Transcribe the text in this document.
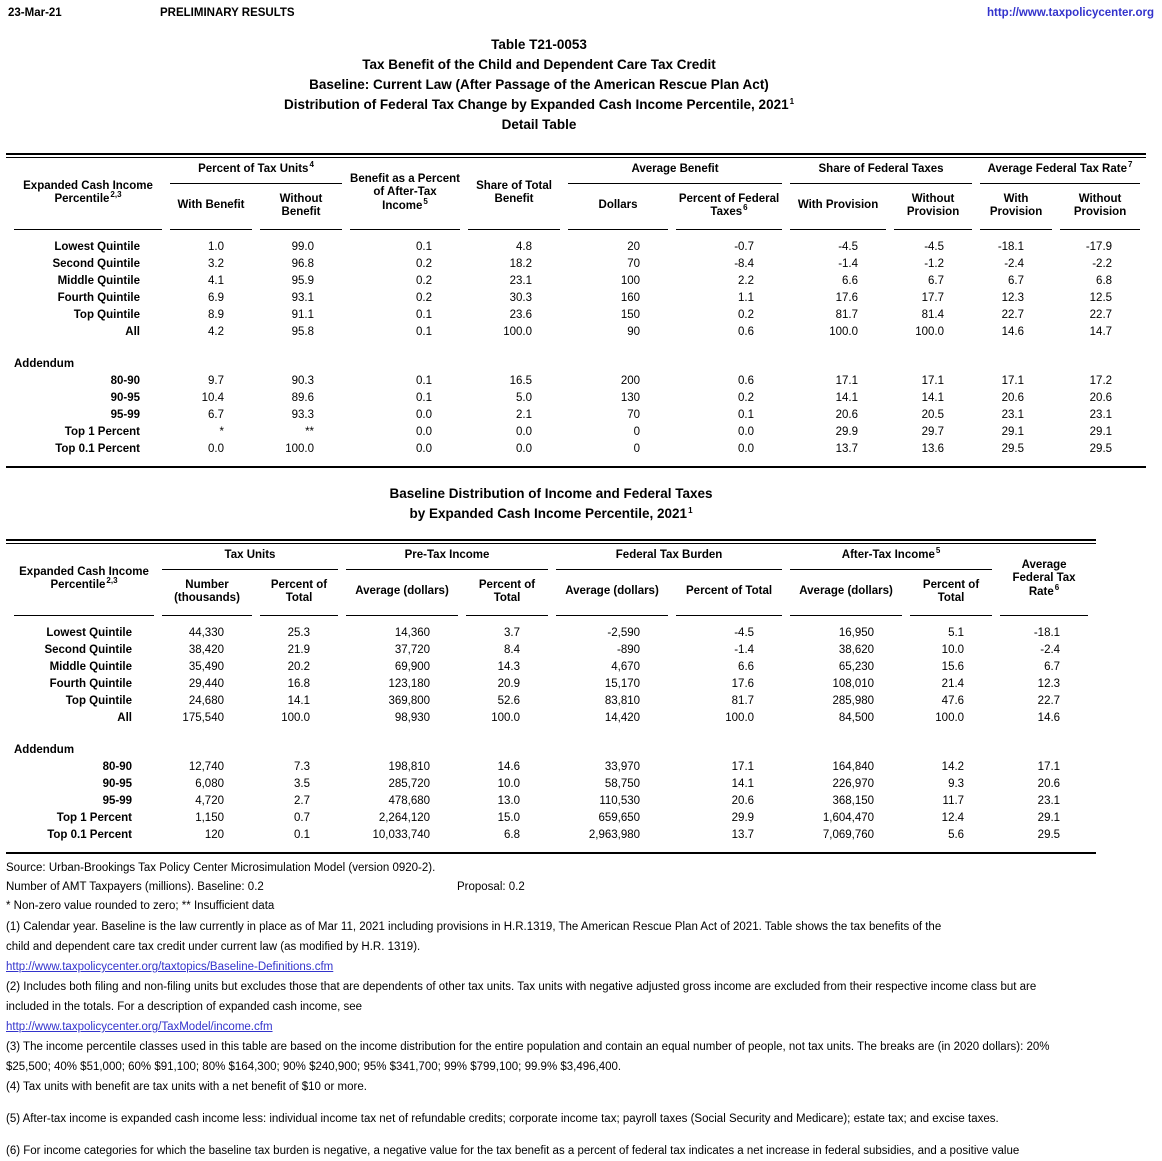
23-Mar-21	PRELIMINARY RESULTS	http://www.taxpolicycenter.org
Table T21-0053
Tax Benefit of the Child and Dependent Care Tax Credit
Baseline: Current Law (After Passage of the American Rescue Plan Act)
Distribution of Federal Tax Change by Expanded Cash Income Percentile, 2021$^1$
Detail Table
Expanded Cash Income Percentile$^{2,3}$	Percent of Tax Units$^4$		Benefit as a Percent of After-Tax Income$^5$	Share of Total Benefit	Average Benefit		Share of Federal Taxes		Average Federal Tax Rate$^7$
	With Benefit	Without Benefit			Dollars	Percent of Federal Taxes$^6$	With Provision	Without Provision	With Provision	Without Provision
Lowest Quintile	1.0	99.0	0.1	4.8	20	-0.7	-4.5	-4.5	-18.1	-17.9
Second Quintile	3.2	96.8	0.2	18.2	70	-8.4	-1.4	-1.2	-2.4	-2.2
Middle Quintile	4.1	95.9	0.2	23.1	100	2.2	6.6	6.7	6.7	6.8
Fourth Quintile	6.9	93.1	0.2	30.3	160	1.1	17.6	17.7	12.3	12.5
Top Quintile	8.9	91.1	0.1	23.6	150	0.2	81.7	81.4	22.7	22.7
All	4.2	95.8	0.1	100.0	90	0.6	100.0	100.0	14.6	14.7

Addendum										
80-90	9.7	90.3	0.1	16.5	200	0.6	17.1	17.1	17.1	17.2
90-95	10.4	89.6	0.1	5.0	130	0.2	14.1	14.1	20.6	20.6
95-99	6.7	93.3	0.0	2.1	70	0.1	20.6	20.5	23.1	23.1
Top 1 Percent	*	**	0.0	0.0	0	0.0	29.9	29.7	29.1	29.1
Top 0.1 Percent	0.0	100.0	0.0	0.0	0	0.0	13.7	13.6	29.5	29.5
Baseline Distribution of Income and Federal Taxes
by Expanded Cash Income Percentile, 2021$^1$
Expanded Cash Income Percentile$^{2,3}$	Tax Units		Pre-Tax Income		Federal Tax Burden		After-Tax Income$^5$		Average Federal Tax Rate$^6$
	Number (thousands)	Percent of Total	Average (dollars)	Percent of Total	Average (dollars)	Percent of Total	Average (dollars)	Percent of Total	
Lowest Quintile	44,330	25.3	14,360	3.7	-2,590	-4.5	16,950	5.1	-18.1
Second Quintile	38,420	21.9	37,720	8.4	-890	-1.4	38,620	10.0	-2.4
Middle Quintile	35,490	20.2	69,900	14.3	4,670	6.6	65,230	15.6	6.7
Fourth Quintile	29,440	16.8	123,180	20.9	15,170	17.6	108,010	21.4	12.3
Top Quintile	24,680	14.1	369,800	52.6	83,810	81.7	285,980	47.6	22.7
All	175,540	100.0	98,930	100.0	14,420	100.0	84,500	100.0	14.6

Addendum									
80-90	12,740	7.3	198,810	14.6	33,970	17.1	164,840	14.2	17.1
90-95	6,080	3.5	285,720	10.0	58,750	14.1	226,970	9.3	20.6
95-99	4,720	2.7	478,680	13.0	110,530	20.6	368,150	11.7	23.1
Top 1 Percent	1,150	0.7	2,264,120	15.0	659,650	29.9	1,604,470	12.4	29.1
Top 0.1 Percent	120	0.1	10,033,740	6.8	2,963,980	13.7	7,069,760	5.6	29.5
Source: Urban-Brookings Tax Policy Center Microsimulation Model (version 0920-2).
Number of AMT Taxpayers (millions). Baseline: 0.2	Proposal: 0.2
* Non-zero value rounded to zero; ** Insufficient data
(1) Calendar year. Baseline is the law currently in place as of Mar 11, 2021 including provisions in H.R.1319, The American Rescue Plan Act of 2021. Table shows the tax benefits of the
child and dependent care tax credit under current law (as modified by H.R. 1319).
http://www.taxpolicycenter.org/taxtopics/Baseline-Definitions.cfm
(2) Includes both filing and non-filing units but excludes those that are dependents of other tax units. Tax units with negative adjusted gross income are excluded from their respective income class but are
included in the totals. For a description of expanded cash income, see
http://www.taxpolicycenter.org/TaxModel/income.cfm
(3) The income percentile classes used in this table are based on the income distribution for the entire population and contain an equal number of people, not tax units. The breaks are (in 2020 dollars): 20%
$25,500; 40% $51,000; 60% $91,100; 80% $164,300; 90% $240,900; 95% $341,700; 99% $799,100; 99.9% $3,496,400.
(4) Tax units with benefit are tax units with a net benefit of $10 or more.
(5) After-tax income is expanded cash income less: individual income tax net of refundable credits; corporate income tax; payroll taxes (Social Security and Medicare); estate tax; and excise taxes.
(6) For income categories for which the baseline tax burden is negative, a negative value for the tax benefit as a percent of federal tax indicates a net increase in federal subsidies, and a positive value
